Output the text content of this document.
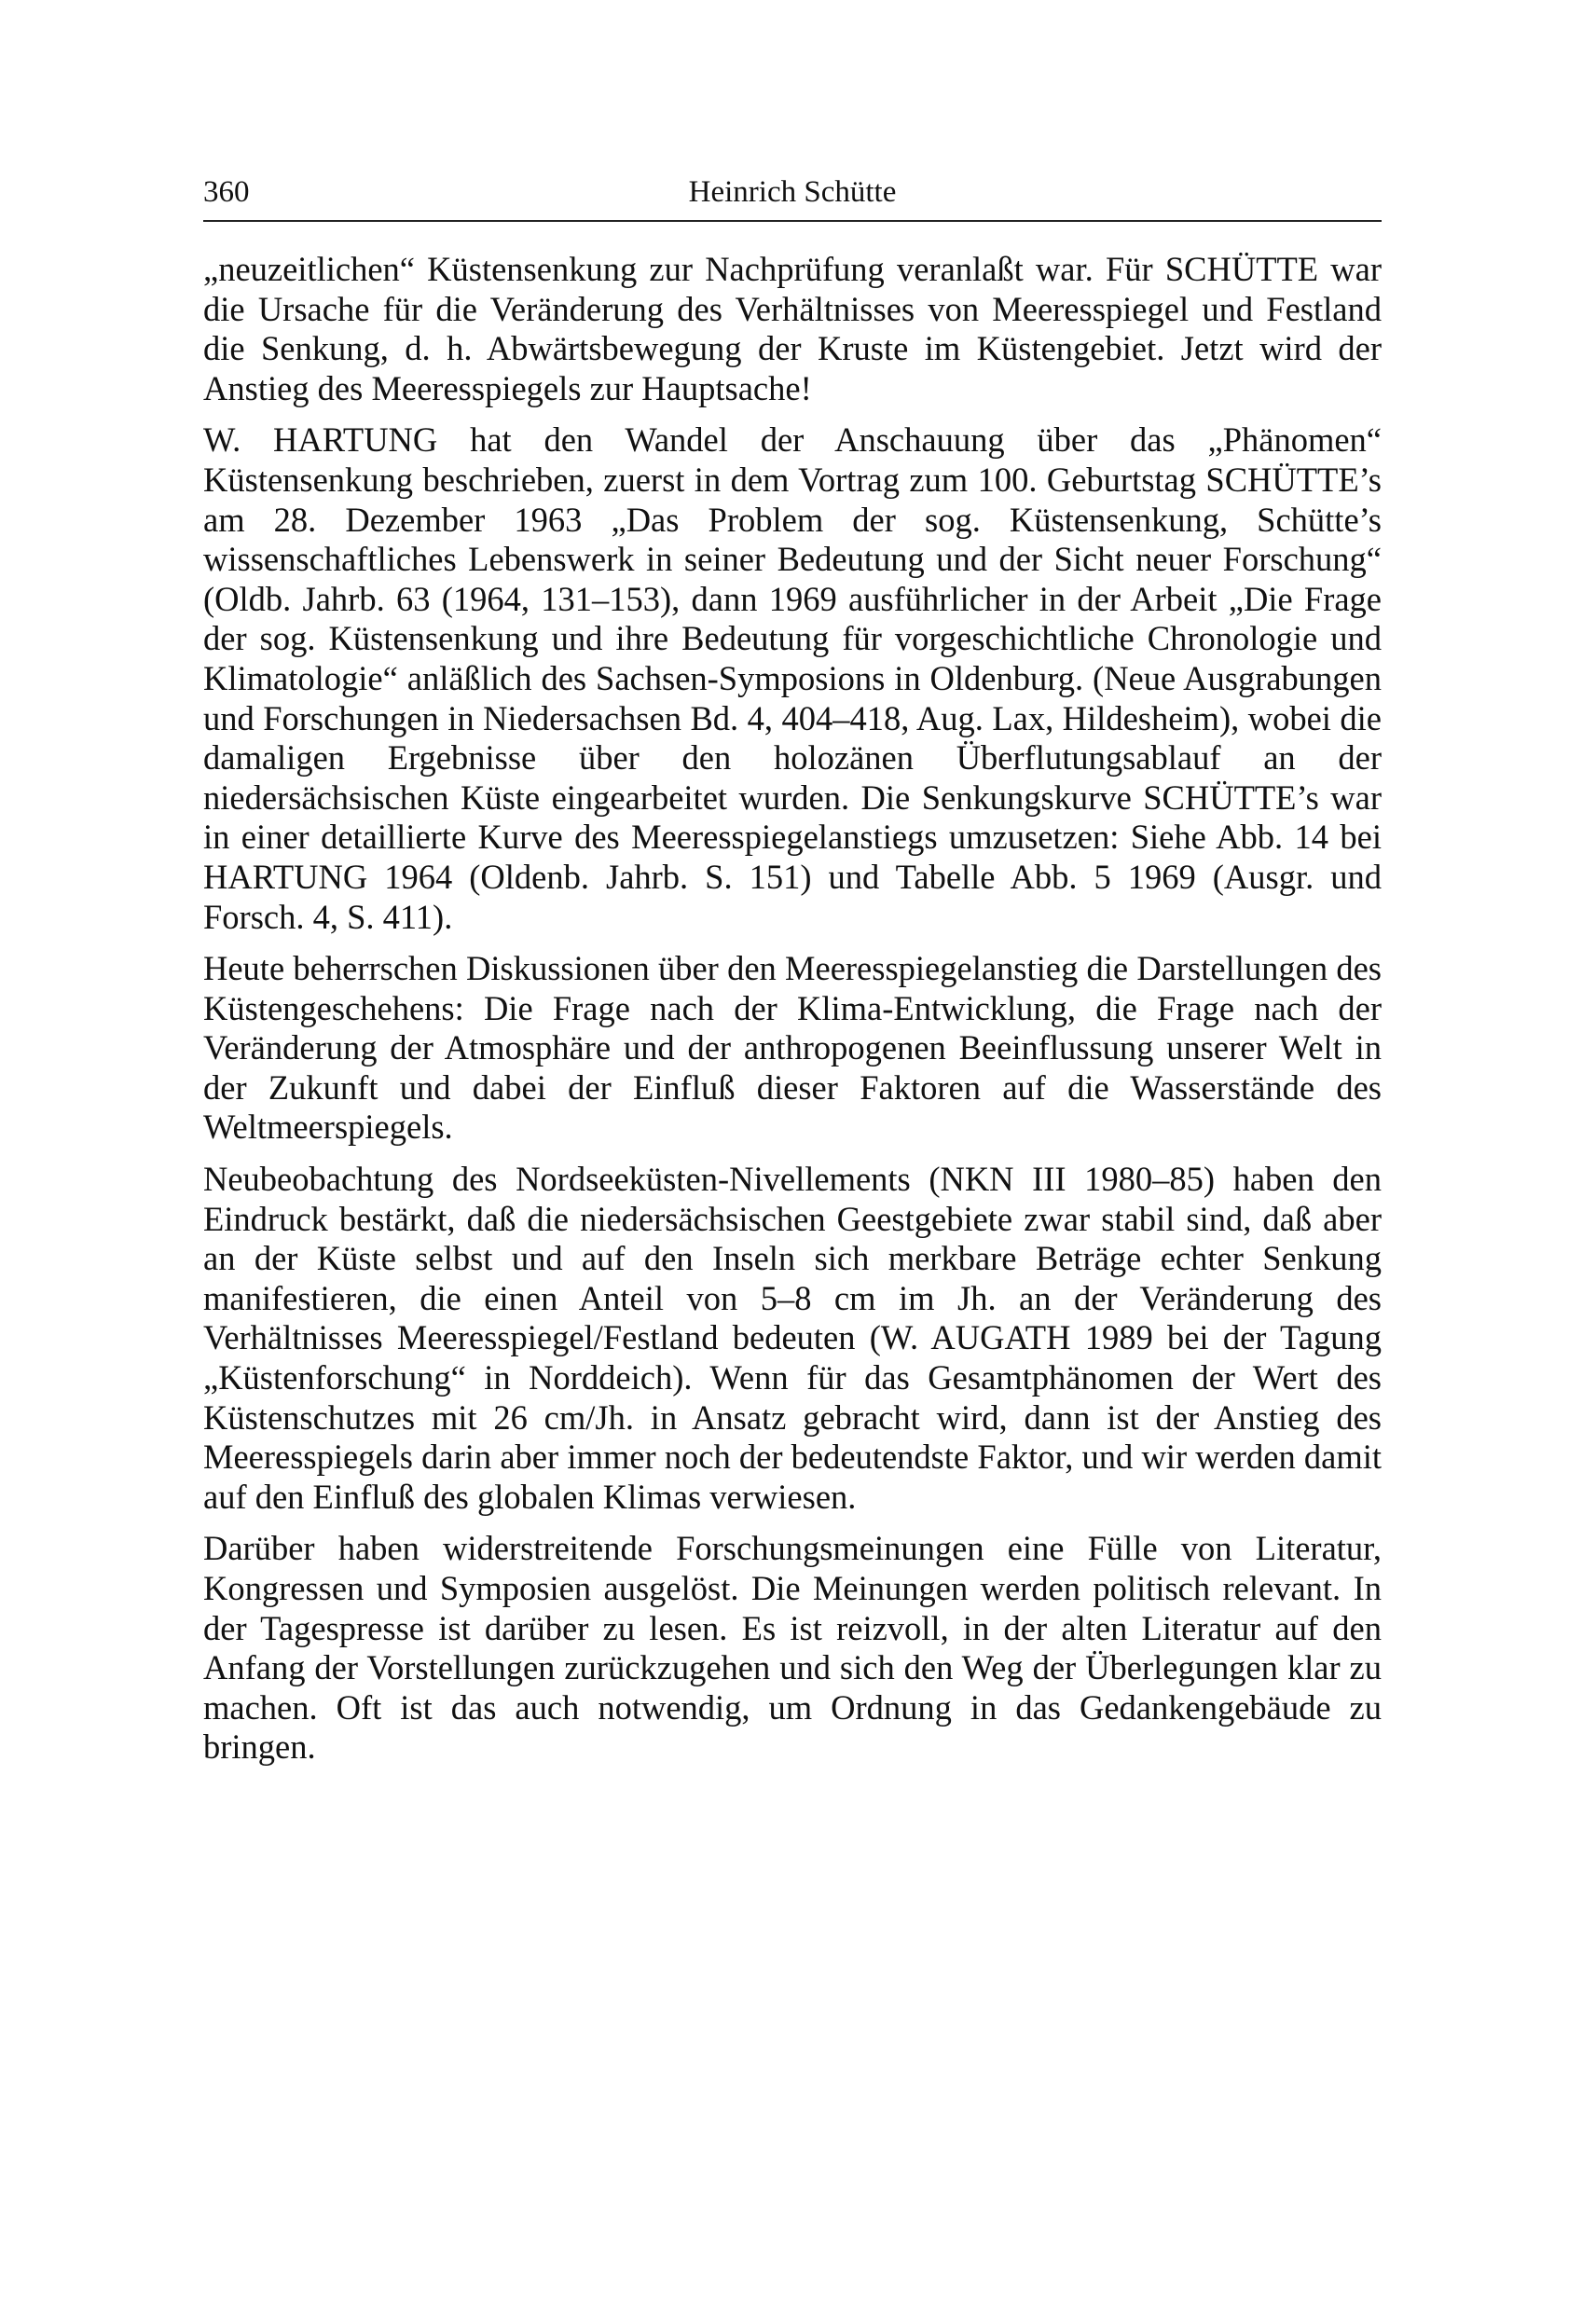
360	Heinrich Schütte

„neuzeitlichen“ Küstensenkung zur Nachprüfung veranlaßt war. Für SCHÜTTE war die Ursache für die Veränderung des Verhältnisses von Meeresspiegel und Festland die Senkung, d. h. Abwärtsbewegung der Kruste im Küstengebiet. Jetzt wird der Anstieg des Meeresspiegels zur Hauptsache!

W. HARTUNG hat den Wandel der Anschauung über das „Phänomen“ Küstensenkung beschrieben, zuerst in dem Vortrag zum 100. Geburtstag SCHÜTTE’s am 28. Dezember 1963 „Das Problem der sog. Küstensenkung, Schütte’s wissenschaftliches Lebenswerk in seiner Bedeutung und der Sicht neuer Forschung“ (Oldb. Jahrb. 63 (1964, 131–153), dann 1969 ausführlicher in der Arbeit „Die Frage der sog. Küstensenkung und ihre Bedeutung für vorgeschichtliche Chronologie und Klimatologie“ anläßlich des Sachsen-Symposions in Oldenburg. (Neue Ausgrabungen und Forschungen in Niedersachsen Bd. 4, 404–418, Aug. Lax, Hildesheim), wobei die damaligen Ergebnisse über den holozänen Überflutungsablauf an der niedersächsischen Küste eingearbeitet wurden. Die Senkungskurve SCHÜTTE’s war in einer detaillierte Kurve des Meeresspiegelanstiegs umzusetzen: Siehe Abb. 14 bei HARTUNG 1964 (Oldenb. Jahrb. S. 151) und Tabelle Abb. 5 1969 (Ausgr. und Forsch. 4, S. 411).

Heute beherrschen Diskussionen über den Meeresspiegelanstieg die Darstellungen des Küstengeschehens: Die Frage nach der Klima-Entwicklung, die Frage nach der Veränderung der Atmosphäre und der anthropogenen Beeinflussung unserer Welt in der Zukunft und dabei der Einfluß dieser Faktoren auf die Wasserstände des Weltmeerspiegels.

Neubeobachtung des Nordseeküsten-Nivellements (NKN III 1980–85) haben den Eindruck bestärkt, daß die niedersächsischen Geestgebiete zwar stabil sind, daß aber an der Küste selbst und auf den Inseln sich merkbare Beträge echter Senkung manifestieren, die einen Anteil von 5–8 cm im Jh. an der Veränderung des Verhältnisses Meeresspiegel/Festland bedeuten (W. AUGATH 1989 bei der Tagung „Küstenforschung“ in Norddeich). Wenn für das Gesamtphänomen der Wert des Küstenschutzes mit 26 cm/Jh. in Ansatz gebracht wird, dann ist der Anstieg des Meeresspiegels darin aber immer noch der bedeutendste Faktor, und wir werden damit auf den Einfluß des globalen Klimas verwiesen.

Darüber haben widerstreitende Forschungsmeinungen eine Fülle von Literatur, Kongressen und Symposien ausgelöst. Die Meinungen werden politisch relevant. In der Tagespresse ist darüber zu lesen. Es ist reizvoll, in der alten Literatur auf den Anfang der Vorstellungen zurückzugehen und sich den Weg der Überlegungen klar zu machen. Oft ist das auch notwendig, um Ordnung in das Gedankengebäude zu bringen.
